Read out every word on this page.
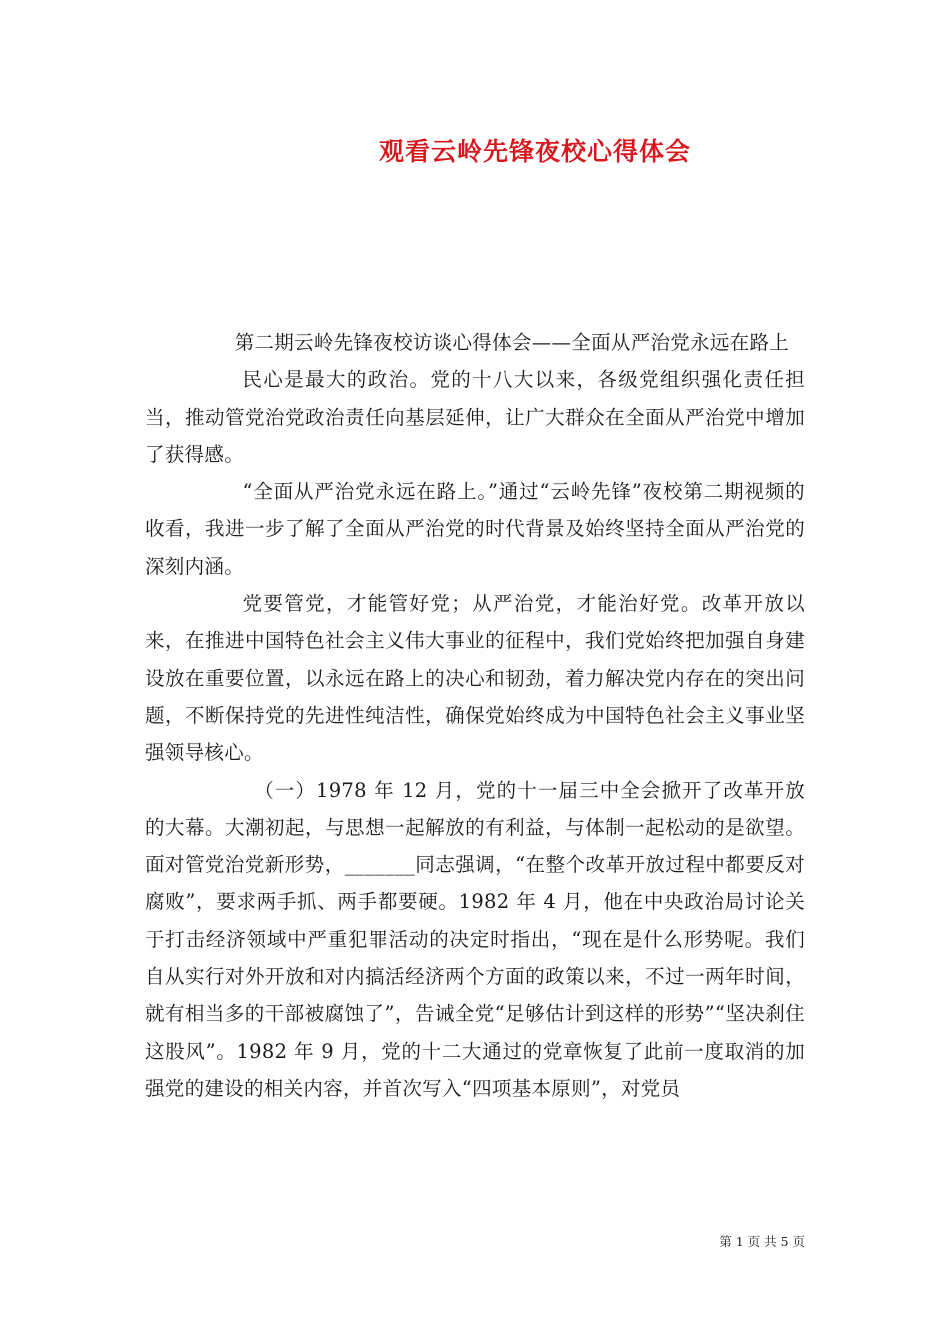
观看云岭先锋夜校心得体会

第二期云岭先锋夜校访谈心得体会——全面从严治党永远在路上

民心是最大的政治。党的十八大以来，各级党组织强化责任担当，推动管党治党政治责任向基层延伸，让广大群众在全面从严治党中增加了获得感。

“全面从严治党永远在路上。”通过“云岭先锋”夜校第二期视频的收看，我进一步了解了全面从严治党的时代背景及始终坚持全面从严治党的深刻内涵。

党要管党，才能管好党；从严治党，才能治好党。改革开放以来，在推进中国特色社会主义伟大事业的征程中，我们党始终把加强自身建设放在重要位置，以永远在路上的决心和韧劲，着力解决党内存在的突出问题，不断保持党的先进性纯洁性，确保党始终成为中国特色社会主义事业坚强领导核心。

（一）1978 年 12 月，党的十一届三中全会掀开了改革开放的大幕。大潮初起，与思想一起解放的有利益，与体制一起松动的是欲望。面对管党治党新形势，_______同志强调，“在整个改革开放过程中都要反对腐败”，要求两手抓、两手都要硬。1982 年 4 月，他在中央政治局讨论关于打击经济领域中严重犯罪活动的决定时指出，“现在是什么形势呢。我们自从实行对外开放和对内搞活经济两个方面的政策以来，不过一两年时间，就有相当多的干部被腐蚀了”，告诫全党“足够估计到这样的形势”“坚决刹住这股风”。1982 年 9 月，党的十二大通过的党章恢复了此前一度取消的加强党的建设的相关内容，并首次写入“四项基本原则”，对党员

第 1 页 共 5 页
